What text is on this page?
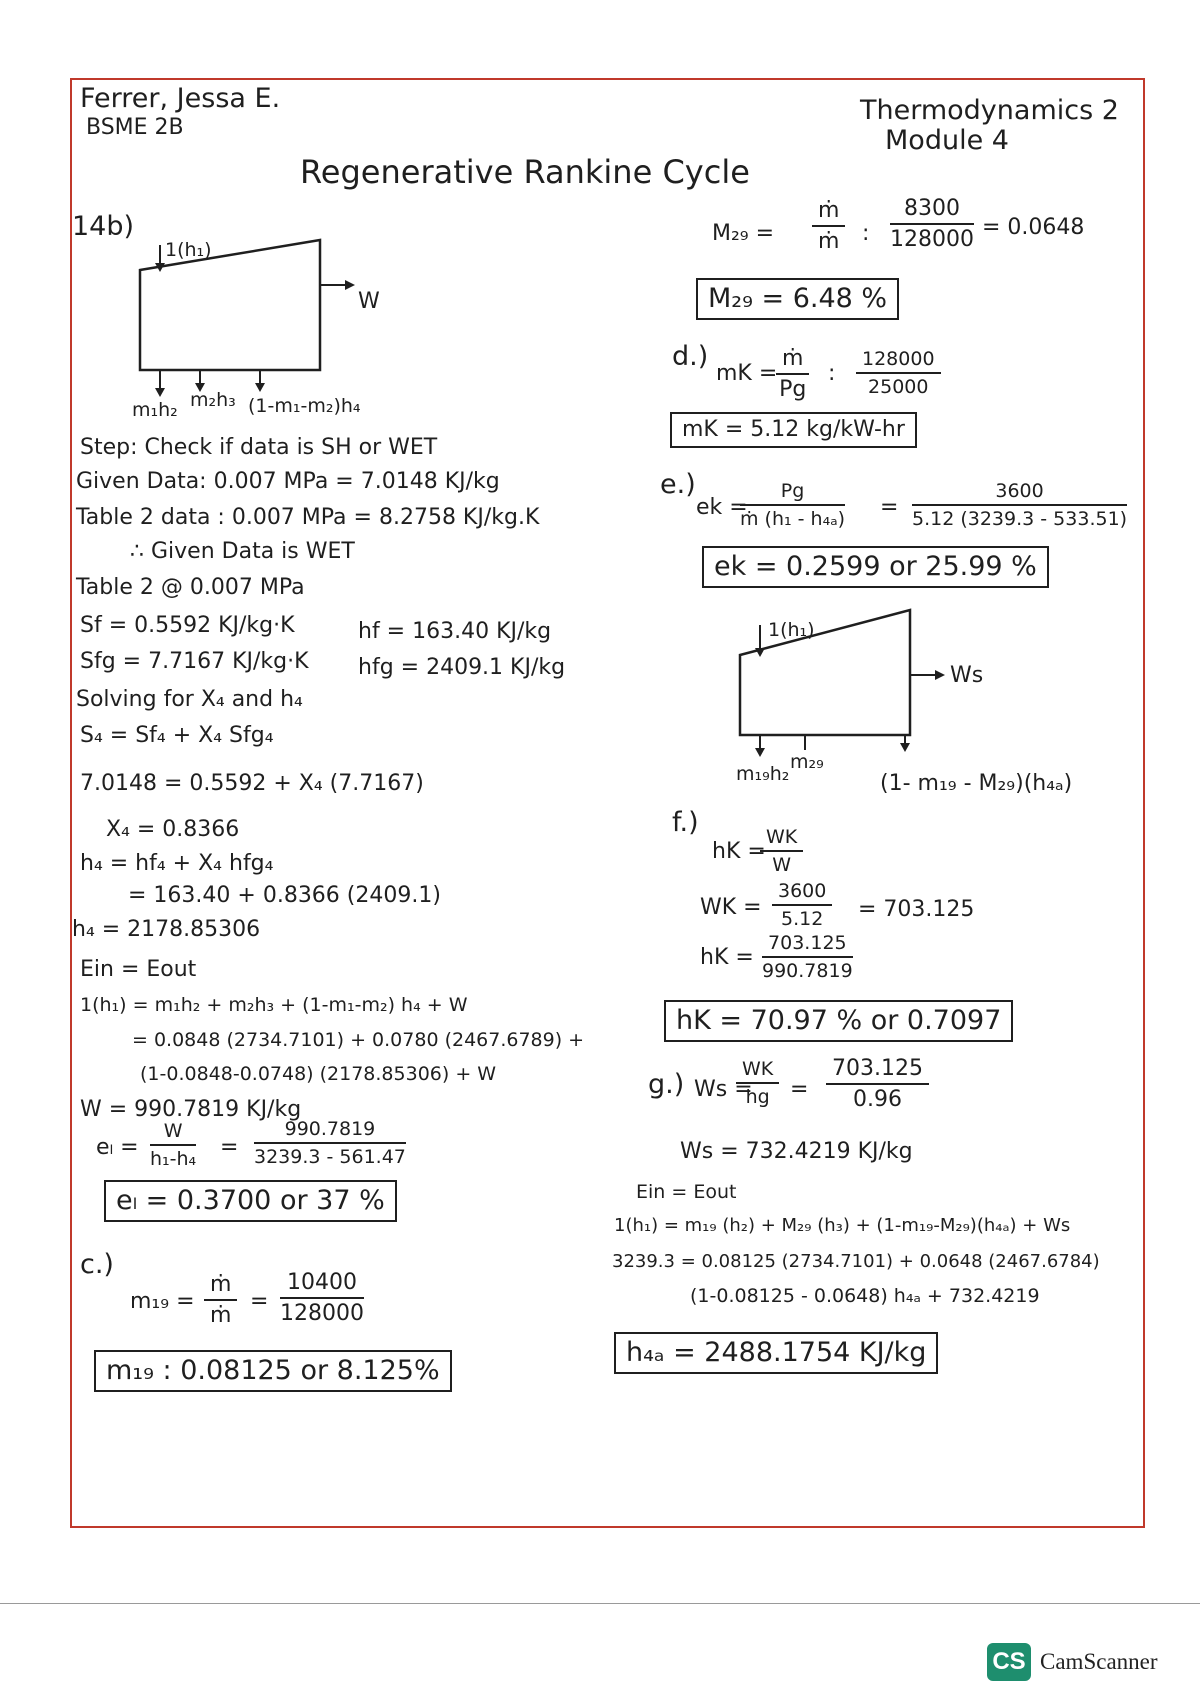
Ferrer, Jessa E.
BSME 2B
Thermodynamics 2
Module 4
Regenerative Rankine Cycle
14b)
1(h₁)
W
m₁h₂ m₂h₃ (1-m₁-m₂)h₄
Step: Check if data is SH or WET
Given Data: 0.007 MPa = 7.0148 KJ/kg
Table 2 data : 0.007 MPa = 8.2758 KJ/kg.K
∴ Given Data is WET
Table 2 @ 0.007 MPa
Sf = 0.5592 KJ/kg·K	hf = 163.40 KJ/kg
Sfg = 7.7167 KJ/kg·K hfg = 2409.1 KJ/kg
Solving for X₄ and h₄
S₄ = Sf₄ + X₄ Sfg₄
7.0148 = 0.5592 + X₄ (7.7167)
X₄ = 0.8366
h₄ = hf₄ + X₄ hfg₄
= 163.40 + 0.8366 (2409.1)
h₄ = 2178.85306
Ein = Eout
1(h₁) = m₁h₂ + m₂h₃ + (1-m₁-m₂) h₄ + W
= 0.0848 (2734.7101) + 0.0780 (2467.6789) +
(1-0.0848-0.0748) (2178.85306) + W
W = 990.7819 KJ/kg
$e_l = \frac{W}{\text{h₁-h₄}} = \frac{990.7819}{3239.3 - 561.47}$
eₗ = 0.3700 or 37 %
c.)
$m_{19} = \frac{ṁ}{ṁ} = \frac{10400}{128000}$
m₁₉ : 0.08125 or 8.125%
$M_{29} = \frac{ṁ}{ṁ}$ : $\frac{8300}{128000} = 0.0648$
M₂₉ = 6.48 %
d.)
mK =
$\frac{ṁ}{Pg}$ : $\frac{128000}{25000}$
mK = 5.12 kg/kW-hr
e.)
ek =
$\frac{Pg}{\text{ṁ (h₁ - h₄ₐ)}} = \frac{3600}{5.12 (3239.3 - 533.51)}$
ek = 0.2599 or 25.99 %
1(h₁)
Ws
m₁₉h₂
m₂₉
(1- m₁₉ - M₂₉)(h₄ₐ)
f.)
hK =
$\frac{WK}{W}$
WK = $\frac{3600}{5.12} = 703.125$
hK = $\frac{703.125}{990.7819}$
hK = 70.97 % or 0.7097
g.) Ws =
$\frac{WK}{hg} = \frac{703.125}{0.96}$
Ws = 732.4219 KJ/kg
Ein = Eout
1(h₁) = m₁₉ (h₂) + M₂₉ (h₃) + (1-m₁₉-M₂₉)(h₄ₐ) + Ws
3239.3 = 0.08125 (2734.7101) + 0.0648 (2467.6784)
(1-0.08125 - 0.0648) h₄ₐ + 732.4219
h₄ₐ = 2488.1754 KJ/kg
CS CamScanner
